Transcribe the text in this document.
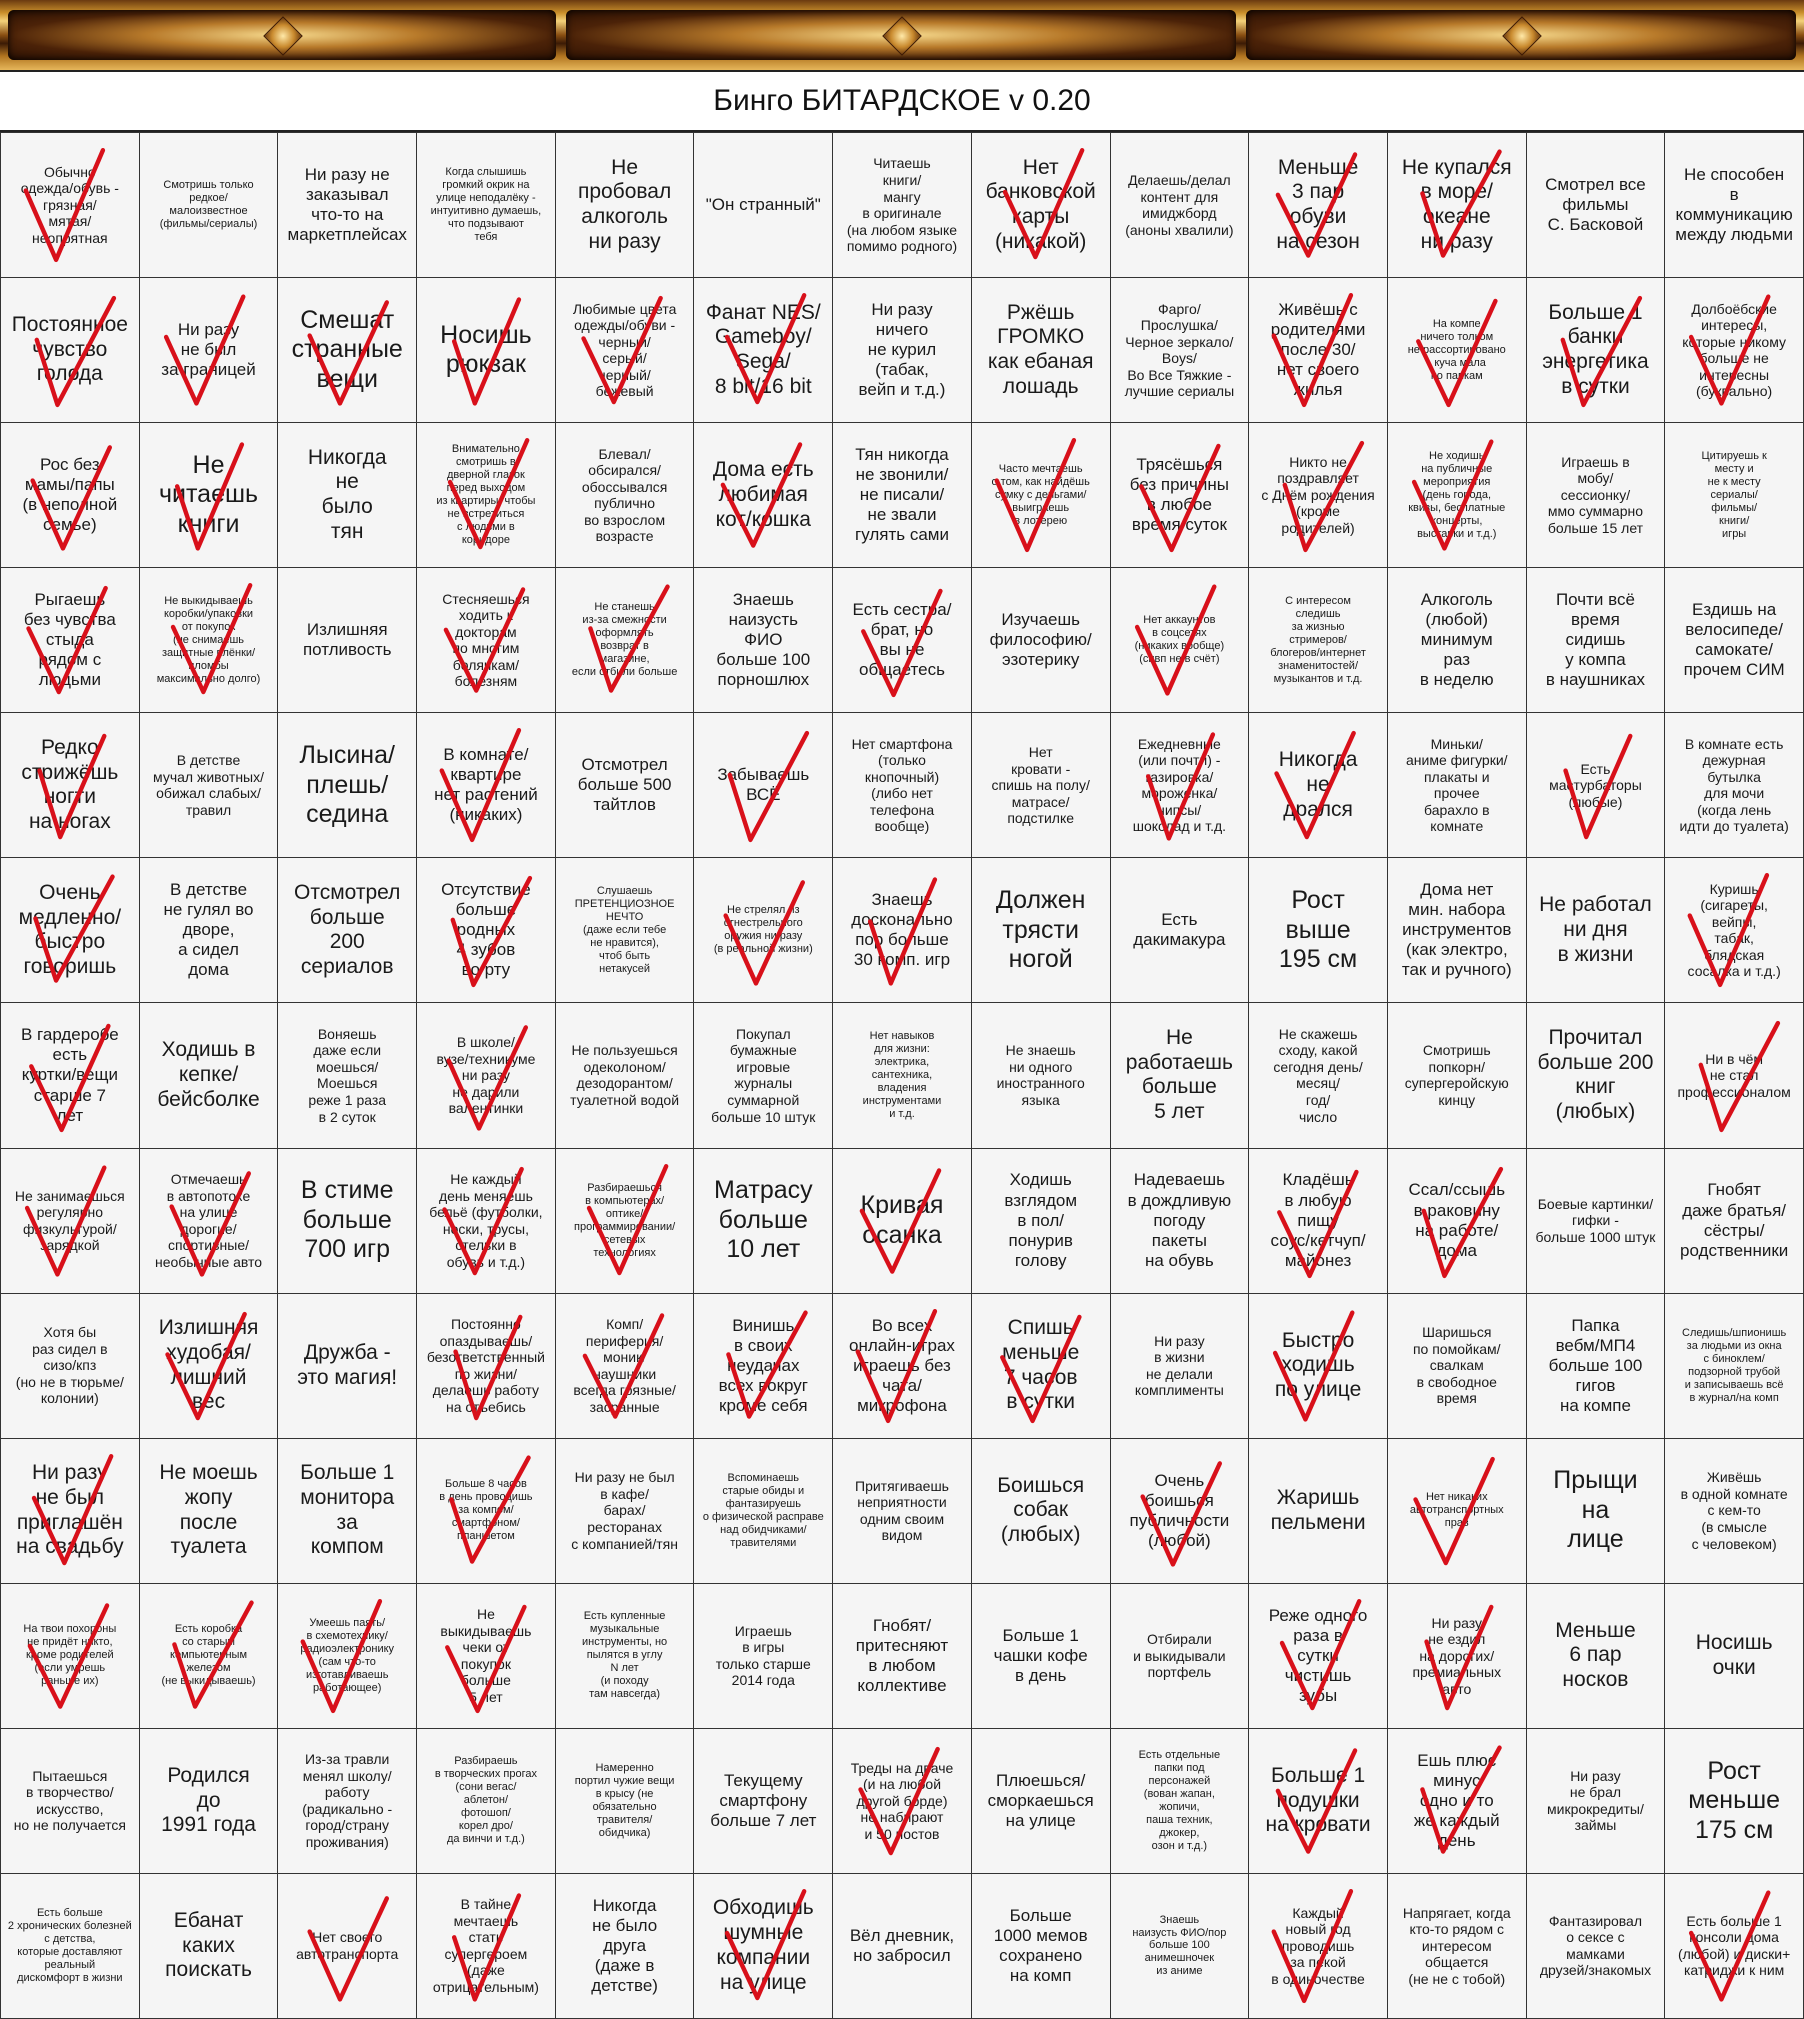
Бинго БИТАРДСКОЕ v 0.20
Обычно
одежда/обувь -
грязная/
мятая/
неопрятная
Смотришь только
редкое/
малоизвестное
(фильмы/сериалы)
Ни разу не
заказывал
что-то на
маркетплейсах
Когда слышишь
громкий окрик на
улице неподалёку -
интуитивно думаешь,
что подзывают
тебя
Не
пробовал
алкоголь
ни разу
"Он странный"
Читаешь
книги/
мангу
в оригинале
(на любом языке
помимо родного)
Нет
банковской
карты
(никакой)
Делаешь/делал
контент для
имиджборд
(аноны хвалили)
Меньше
3 пар
обуви
на сезон
Не купался
в море/
океане
ни разу
Смотрел все
фильмы
С. Басковой
Не способен
в
коммуникацию
между людьми
Постоянное
чувство
голода
Ни разу
не был
за границей
Смешат
странные
вещи
Носишь
рюкзак
Любимые цвета
одежды/обуви -
черный/
серый/
черный/
бежевый
Фанат NES/
Gameboy/
Sega/
8 bit/16 bit
Ни разу
ничего
не курил
(табак,
вейп и т.д.)
Ржёшь
ГРОМКО
как ебаная
лошадь
Фарго/
Прослушка/
Черное зеркало/
Boys/
Во Все Тяжкие -
лучшие сериалы
Живёшь с
родителями
после 30/
нет своего
жилья
На компе
ничего толком
не рассортировано
- куча мала
по папкам
Больше 1
банки
энергетика
в сутки
Долбоёбские
интересы,
которые никому
больше не
интересны
(буквально)
Рос без
мамы/папы
(в неполной
семье)
Не
читаешь
книги
Никогда
не
было
тян
Внимательно
смотришь в
дверной глазок
перед выходом
из квартиры, чтобы
не встретиться
с людьми в
коридоре
Блевал/
обсирался/
обоссывался
публично
во взрослом
возрасте
Дома есть
любимая
кот/кошка
Тян никогда
не звонили/
не писали/
не звали
гулять сами
Часто мечтаешь
о том, как найдёшь
сумку с деньгами/
выиграешь
в лотерею
Трясёшься
без причины
в любое
время суток
Никто не
поздравляет
с Днём рождения
(кроме
родителей)
Не ходишь
на публичные
мероприятия
(день города,
квизы, бесплатные
концерты,
выставки и т.д.)
Играешь в
мобу/
сессионку/
ммо суммарно
больше 15 лет
Цитируешь к
месту и
не к месту
сериалы/
фильмы/
книги/
игры
Рыгаешь
без чувства
стыда
рядом с
людьми
Не выкидываешь
коробки/упаковки
от покупок
(не снимаешь
защитные плёнки/
пломбы
максимально долго)
Излишняя
потливость
Стесняешься
ходить к
докторам
по многим
болячкам/
болезням
Не станешь
из-за смежности
оформлять
возврат в
магазине,
если отбили больше
Знаешь
наизусть
ФИО
больше 100
порношлюх
Есть сестра/
брат, но
вы не
общаетесь
Изучаешь
философию/
эзотерику
Нет аккаунтов
в соцсетях
(никаких вообще)
(сивп не в счёт)
С интересом
следишь
за жизнью
стримеров/
блогеров/интернет
знаменитостей/
музыкантов и т.д.
Алкоголь
(любой)
минимум
раз
в неделю
Почти всё
время
сидишь
у компа
в наушниках
Ездишь на
велосипеде/
самокате/
прочем СИМ
Редко
стрижёшь
ногти
на ногах
В детстве
мучал животных/
обижал слабых/
травил
Лысина/
плешь/
седина
В комнате/
квартире
нет растений
(никаких)
Отсмотрел
больше 500
тайтлов
Забываешь
ВСЁ
Нет смартфона
(только
кнопочный)
(либо нет
телефона
вообще)
Нет
кровати -
спишь на полу/
матрасе/
подстилке
Ежедневные
(или почти) -
газировка/
мороженка/
чипсы/
шоколад и т.д.
Никогда
не
дрался
Миньки/
аниме фигурки/
плакаты и
прочее
барахло в
комнате
Есть
мастурбаторы
(любые)
В комнате есть
дежурная
бутылка
для мочи
(когда лень
идти до туалета)
Очень
медленно/
быстро
говоришь
В детстве
не гулял во
дворе,
а сидел
дома
Отсмотрел
больше
200
сериалов
Отсутствие
больше
родных
4 зубов
во рту
Слушаешь
ПРЕТЕНЦИОЗНОЕ
НЕЧТО
(даже если тебе
не нравится),
чтоб быть
нетакусей
Не стрелял из
огнестрельного
оружия ни разу
(в реальной жизни)
Знаешь
досконально
пор больше
30 комп. игр
Должен
трясти
ногой
Есть
дакимакура
Рост
выше
195 см
Дома нет
мин. набора
инструментов
(как электро,
так и ручного)
Не работал
ни дня
в жизни
Куришь
(сигареты,
вейпы,
табак,
блядская
сосалка и т.д.)
В гардеробе
есть
куртки/вещи
старше 7
лет
Ходишь в
кепке/
бейсболке
Воняешь
даже если
моешься/
Моешься
реже 1 раза
в 2 суток
В школе/
вузе/техникуме
ни разу
не дарили
валентинки
Не пользуешься
одеколоном/
дезодорантом/
туалетной водой
Покупал
бумажные
игровые
журналы
суммарной
больше 10 штук
Нет навыков
для жизни:
электрика,
сантехника,
владения
инструментами
и т.д.
Не знаешь
ни одного
иностранного
языка
Не
работаешь
больше
5 лет
Не скажешь
сходу, какой
сегодня день/
месяц/
год/
число
Смотришь
попкорн/
супергеройскую
кинцу
Прочитал
больше 200
книг
(любых)
Ни в чём
не стал
профессионалом
Не занимаешься
регулярно
физкультурой/
зарядкой
Отмечаешь
в автопотоке
на улице
дорогие/
спортивные/
необычные авто
В стиме
больше
700 игр
Не каждый
день меняешь
бельё (футболки,
носки, трусы,
стельки в
обувь и т.д.)
Разбираешься
в компьютерах/
оптике/
программировании/
сетевых
технологиях
Матрасу
больше
10 лет
Кривая
осанка
Ходишь
взглядом
в пол/
понурив
голову
Надеваешь
в дождливую
погоду
пакеты
на обувь
Кладёшь
в любую
пищу
соус/кетчуп/
майонез
Ссал/ссышь
в раковину
на работе/
дома
Боевые картинки/
гифки -
больше 1000 штук
Гнобят
даже братья/
сёстры/
родственники
Хотя бы
раз сидел в
сизо/кпз
(но не в тюрьме/
колонии)
Излишняя
худобая/
лишний
вес
Дружба -
это магия!
Постоянно
опаздываешь/
безответственный
по жизни/
делаешь работу
на отъебись
Комп/
периферия/
моник/
наушники
всегда грязные/
засранные
Винишь
в своих
неудачах
всех вокруг
кроме себя
Во всех
онлайн-играх
играешь без
чата/
микрофона
Спишь
меньше
7 часов
в сутки
Ни разу
в жизни
не делали
комплименты
Быстро
ходишь
по улице
Шаришься
по помойкам/
свалкам
в свободное
время
Папка
вебм/МП4
больше 100
гигов
на компе
Следишь/шпионишь
за людьми из окна
с биноклем/
подзорной трубой
и записываешь всё
в журнал/на комп
Ни разу
не был
приглашён
на свадьбу
Не моешь
жопу
после
туалета
Больше 1
монитора
за
компом
Больше 8 часов
в день проводишь
за компом/
смартфоном/
планшетом
Ни разу не был
в кафе/
барах/
ресторанах
с компанией/тян
Вспоминаешь
старые обиды и
фантазируешь
о физической расправе
над обидчиками/
травителями
Притягиваешь
неприятности
одним своим
видом
Боишься
собак
(любых)
Очень
боишься
публичности
(любой)
Жаришь
пельмени
Нет никаких
автотранспортных
прав
Прыщи
на
лице
Живёшь
в одной комнате
с кем-то
(в смысле
с человеком)
На твои похороны
не придёт никто,
кроме родителей
(если умрешь
раньше их)
Есть коробка
со старым
компьютерным
железом
(не выкидываешь)
Умеешь паять/
в схемотехнику/
радиоэлектронику
(сам что-то
изготавливаешь
работающее)
Не
выкидываешь
чеки от
покупок
больше
5 лет
Есть купленные
музыкальные
инструменты, но
пылятся в углу
N лет
(и походу
там навсегда)
Играешь
в игры
только старше
2014 года
Гнобят/
притесняют
в любом
коллективе
Больше 1
чашки кофе
в день
Отбирали
и выкидывали
портфель
Реже одного
раза в
сутки
чистишь
зубы
Ни разу
не ездил
на дорогих/
премиальных
авто
Меньше
6 пар
носков
Носишь
очки
Пытаешься
в творчество/
искусство,
но не получается
Родился
до
1991 года
Из-за травли
менял школу/
работу
(радикально -
город/страну
проживания)
Разбираешь
в творческих прогах
(сони вегас/
аблетон/
фотошоп/
корел дро/
да винчи и т.д.)
Намеренно
портил чужие вещи
в крысу (не
обязательно
травителя/
обидчика)
Текущему
смартфону
больше 7 лет
Треды на дваче
(и на любой
другой борде)
не набирают
и 50 постов
Плюешься/
сморкаешься
на улице
Есть отдельные
папки под
персонажей
(вован жапан,
жопичи,
паша техник,
джокер,
озон и т.д.)
Больше 1
подушки
на кровати
Ешь плюс
минус
одно и то
же каждый
день
Ни разу
не брал
микрокредиты/
займы
Рост
меньше
175 см
Есть больше
2 хронических болезней
с детства,
которые доставляют
реальный
дискомфорт в жизни
Ебанат
каких
поискать
Нет своего
автотранспорта
В тайне
мечтаешь
стать
супергероем
(даже
отрицательным)
Никогда
не было
друга
(даже в
детстве)
Обходишь
шумные
компании
на улице
Вёл дневник,
но забросил
Больше
1000 мемов
сохранено
на комп
Знаешь
наизусть ФИО/пор
больше 100
анимешночек
из аниме
Каждый
новый год
проводишь
за пекой
в одиночестве
Напрягает, когда
кто-то рядом с
интересом
общается
(не не с тобой)
Фантазировал
о сексе с
мамками
друзей/знакомых
Есть больше 1
консоли дома
(любой) и диски+
катриджи к ним
